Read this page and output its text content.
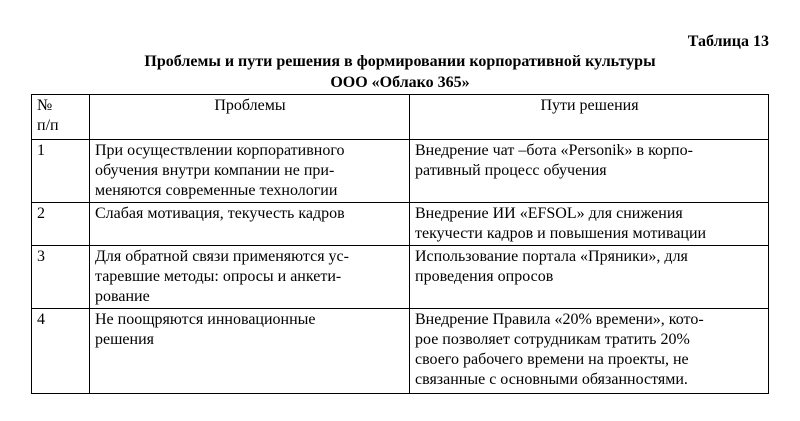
Таблица 13
Проблемы и пути решения в формировании корпоративной культуры
ООО «Облако 365»
№
п/п	Проблемы	Пути решения
1	При осуществлении корпоративного
обучения внутри компании не при-
меняются современные технологии	Внедрение чат –бота «Personik» в корпо-
ративный процесс обучения

2	Слабая мотивация, текучесть кадров	Внедрение ИИ «EFSOL» для снижения
текучести кадров и повышения мотивации

3	Для обратной связи применяются ус-
таревшие методы: опросы и анкети-
рование	Использование портала «Пряники», для
проведения опросов

4	Не поощряются инновационные
решения	Внедрение Правила «20% времени», кото-
рое позволяет сотрудникам тратить 20%
своего рабочего времени на проекты, не
связанные с основными обязанностями.
